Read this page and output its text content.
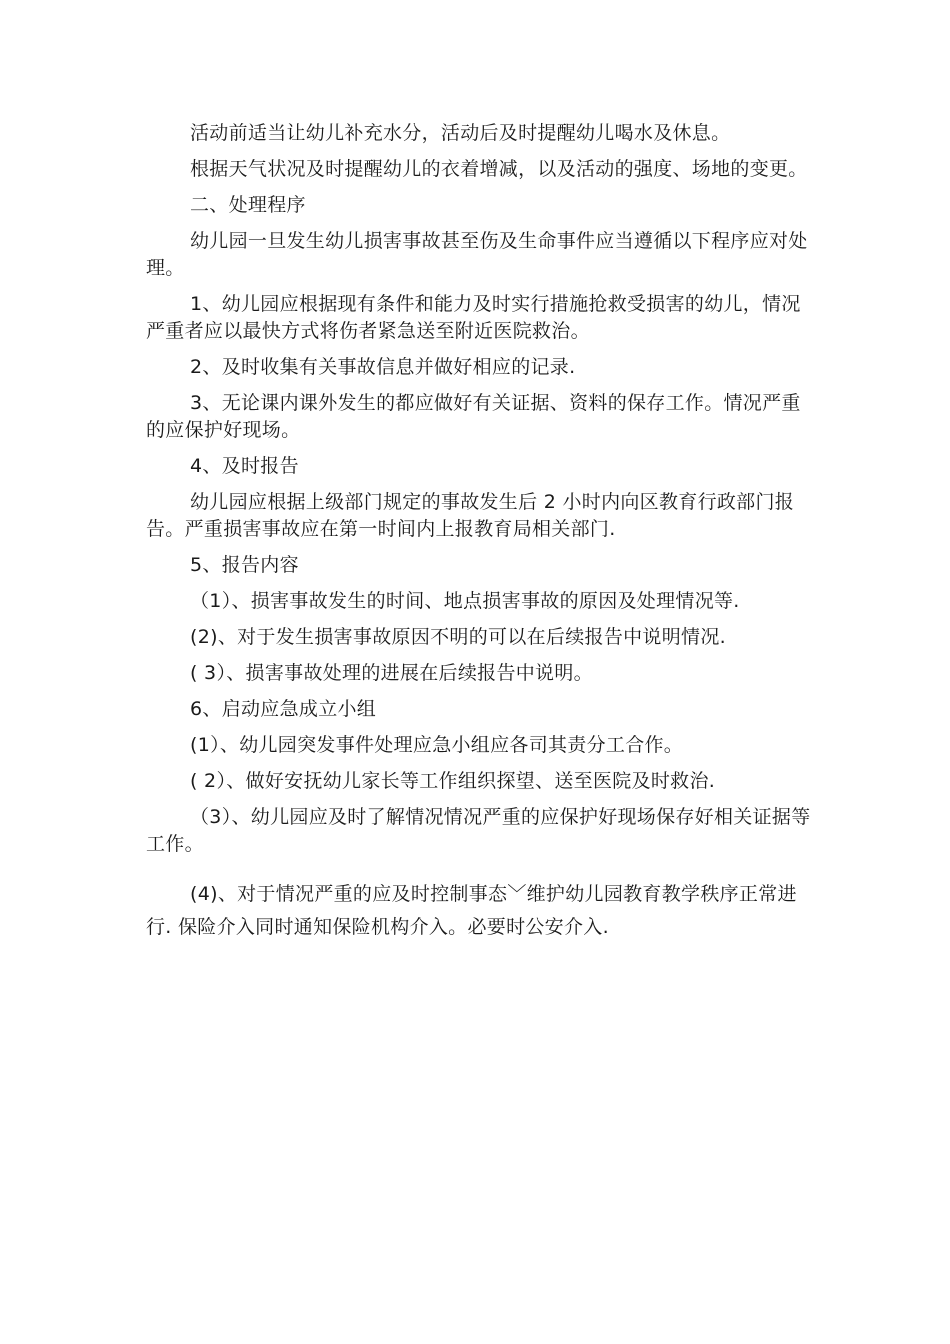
活动前适当让幼儿补充水分，活动后及时提醒幼儿喝水及休息。

根据天气状况及时提醒幼儿的衣着增减，以及活动的强度、场地的变更。

二、处理程序

幼儿园一旦发生幼儿损害事故甚至伤及生命事件应当遵循以下程序应对处理。

1、幼儿园应根据现有条件和能力及时实行措施抢救受损害的幼儿，情况严重者应以最快方式将伤者紧急送至附近医院救治。

2、及时收集有关事故信息并做好相应的记录.

3、无论课内课外发生的都应做好有关证据、资料的保存工作。情况严重的应保护好现场。

4、及时报告

幼儿园应根据上级部门规定的事故发生后 2 小时内向区教育行政部门报告。严重损害事故应在第一时间内上报教育局相关部门.

5、报告内容

（1）、损害事故发生的时间、地点损害事故的原因及处理情况等.

(2)、对于发生损害事故原因不明的可以在后续报告中说明情况.

( 3）、损害事故处理的进展在后续报告中说明。

6、启动应急成立小组

(1）、幼儿园突发事件处理应急小组应各司其责分工合作。

( 2）、做好安抚幼儿家长等工作组织探望、送至医院及时救治.

（3）、幼儿园应及时了解情况情况严重的应保护好现场保存好相关证据等工作。

(4)、对于情况严重的应及时控制事态﹀维护幼儿园教育教学秩序正常进行. 保险介入同时通知保险机构介入。必要时公安介入.
